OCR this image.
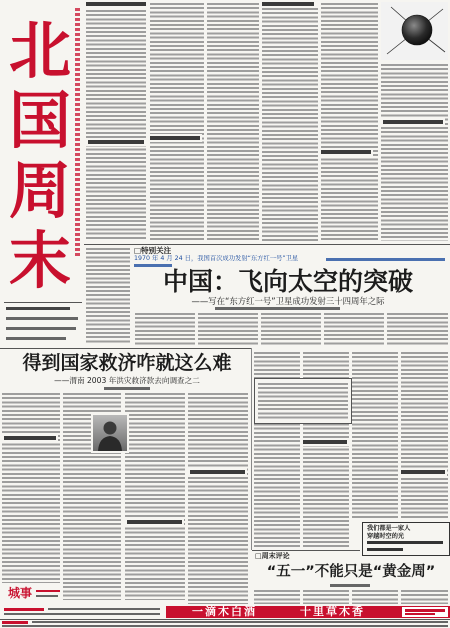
北
国
周
末	□特别关注
1970 年 4 月 24 日，我国首次成功发射“东方红一号”卫星
中国：飞向太空的突破
——写在“东方红一号”卫星成功发射三十四周年之际
得到国家救济咋就这么难
——渭南 2003 年洪灾救济款去向调查之二
城事
我们都是一家人
穿越时空的光
□周末评论
“五一”不能只是“黄金周”
一滴木白酒	十里草木香
